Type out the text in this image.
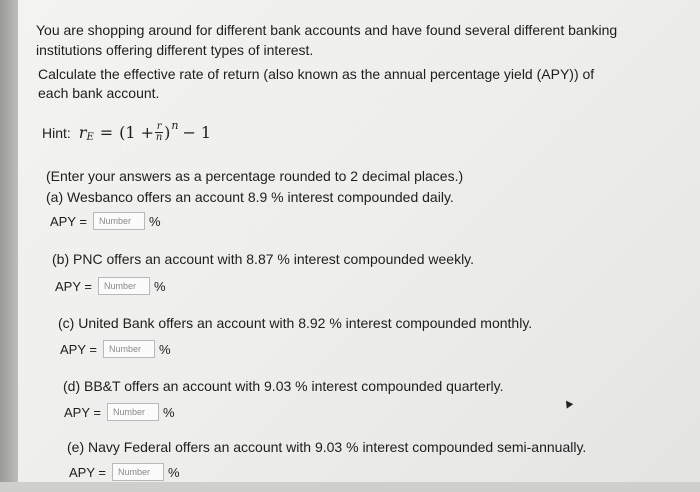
You are shopping around for different bank accounts and have found several different banking
institutions offering different types of interest.
Calculate the effective rate of return (also known as the annual percentage yield (APY)) of
each bank account.
Hint: r $E = (1 + \frac{r}{n}$ ) n − 1
(Enter your answers as a percentage rounded to 2 decimal places.)
(a) Wesbanco offers an account 8.9 % interest compounded daily.
APY =
Number	%
(b) PNC offers an account with 8.87 % interest compounded weekly.
APY =
Number	%
(c) United Bank offers an account with 8.92 % interest compounded monthly.
APY =
Number	%
(d) BB&T offers an account with 9.03 % interest compounded quarterly.
APY =
Number	%
(e) Navy Federal offers an account with 9.03 % interest compounded semi-annually.
APY =
Number	%
